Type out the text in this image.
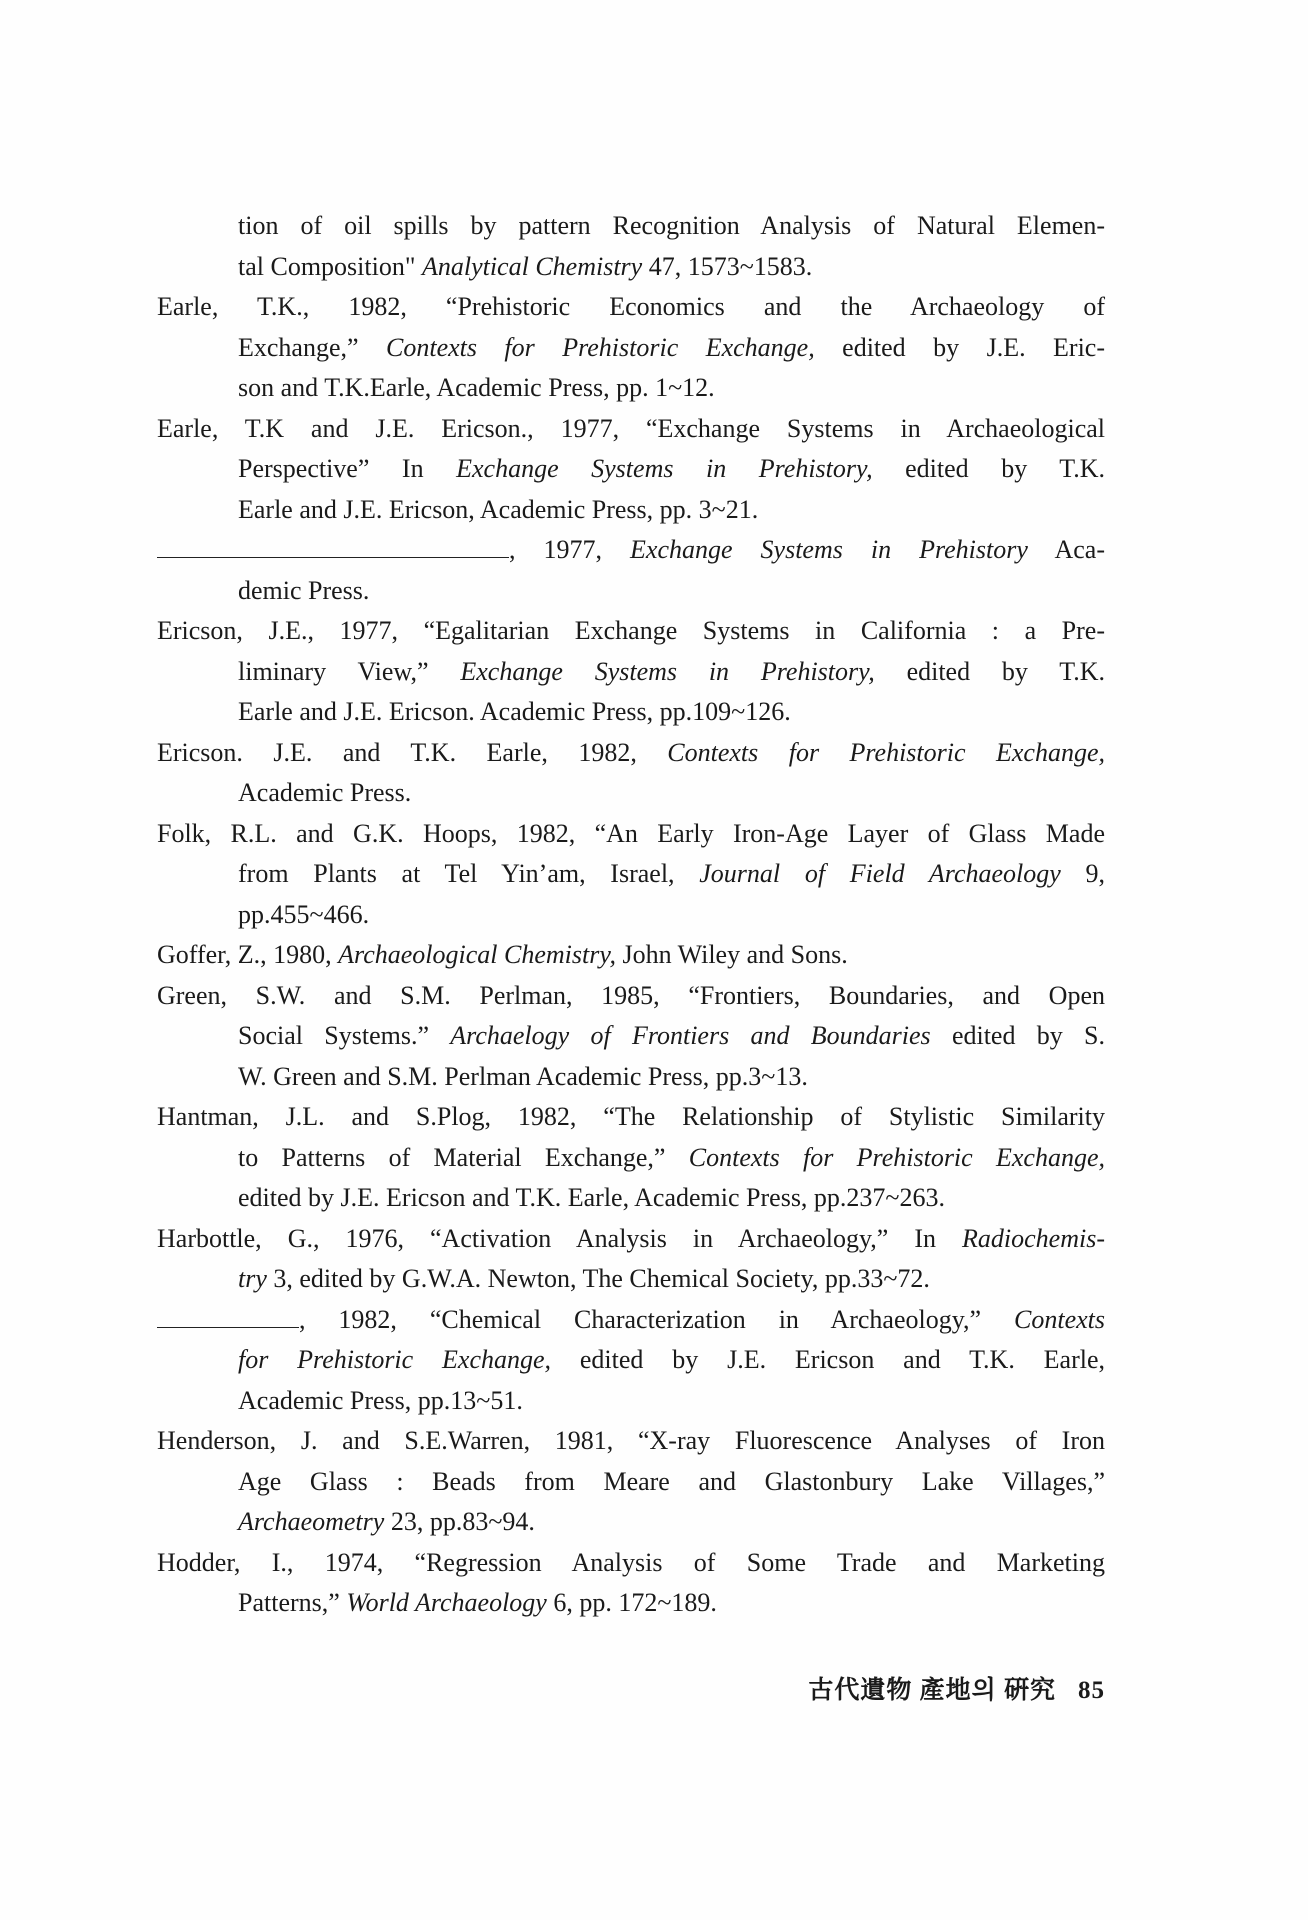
tion of oil spills by pattern Recognition Analysis of Natural Elemen-
tal Composition" Analytical Chemistry 47, 1573~1583.
Earle, T.K., 1982, “Prehistoric Economics and the Archaeology of
Exchange,” Contexts for Prehistoric Exchange, edited by J.E. Eric-
son and T.K.Earle, Academic Press, pp. 1~12.
Earle, T.K and J.E. Ericson., 1977, “Exchange Systems in Archaeological
Perspective” In Exchange Systems in Prehistory, edited by T.K.
Earle and J.E. Ericson, Academic Press, pp. 3~21.
, 1977, Exchange Systems in Prehistory Aca-
demic Press.
Ericson, J.E., 1977, “Egalitarian Exchange Systems in California : a Pre-
liminary View,” Exchange Systems in Prehistory, edited by T.K.
Earle and J.E. Ericson. Academic Press, pp.109~126.
Ericson. J.E. and T.K. Earle, 1982, Contexts for Prehistoric Exchange,
Academic Press.
Folk, R.L. and G.K. Hoops, 1982, “An Early Iron-Age Layer of Glass Made
from Plants at Tel Yin’am, Israel, Journal of Field Archaeology 9,
pp.455~466.
Goffer, Z., 1980, Archaeological Chemistry, John Wiley and Sons.
Green, S.W. and S.M. Perlman, 1985, “Frontiers, Boundaries, and Open
Social Systems.” Archaelogy of Frontiers and Boundaries edited by S.
W. Green and S.M. Perlman Academic Press, pp.3~13.
Hantman, J.L. and S.Plog, 1982, “The Relationship of Stylistic Similarity
to Patterns of Material Exchange,” Contexts for Prehistoric Exchange,
edited by J.E. Ericson and T.K. Earle, Academic Press, pp.237~263.
Harbottle, G., 1976, “Activation Analysis in Archaeology,” In Radiochemis-
try 3, edited by G.W.A. Newton, The Chemical Society, pp.33~72.
, 1982, “Chemical Characterization in Archaeology,” Contexts
for Prehistoric Exchange, edited by J.E. Ericson and T.K. Earle,
Academic Press, pp.13~51.
Henderson, J. and S.E.Warren, 1981, “X-ray Fluorescence Analyses of Iron
Age Glass : Beads from Meare and Glastonbury Lake Villages,”
Archaeometry 23, pp.83~94.
Hodder, I., 1974, “Regression Analysis of Some Trade and Marketing
Patterns,” World Archaeology 6, pp. 172~189.
古代遺物 產地의 硏究 85
